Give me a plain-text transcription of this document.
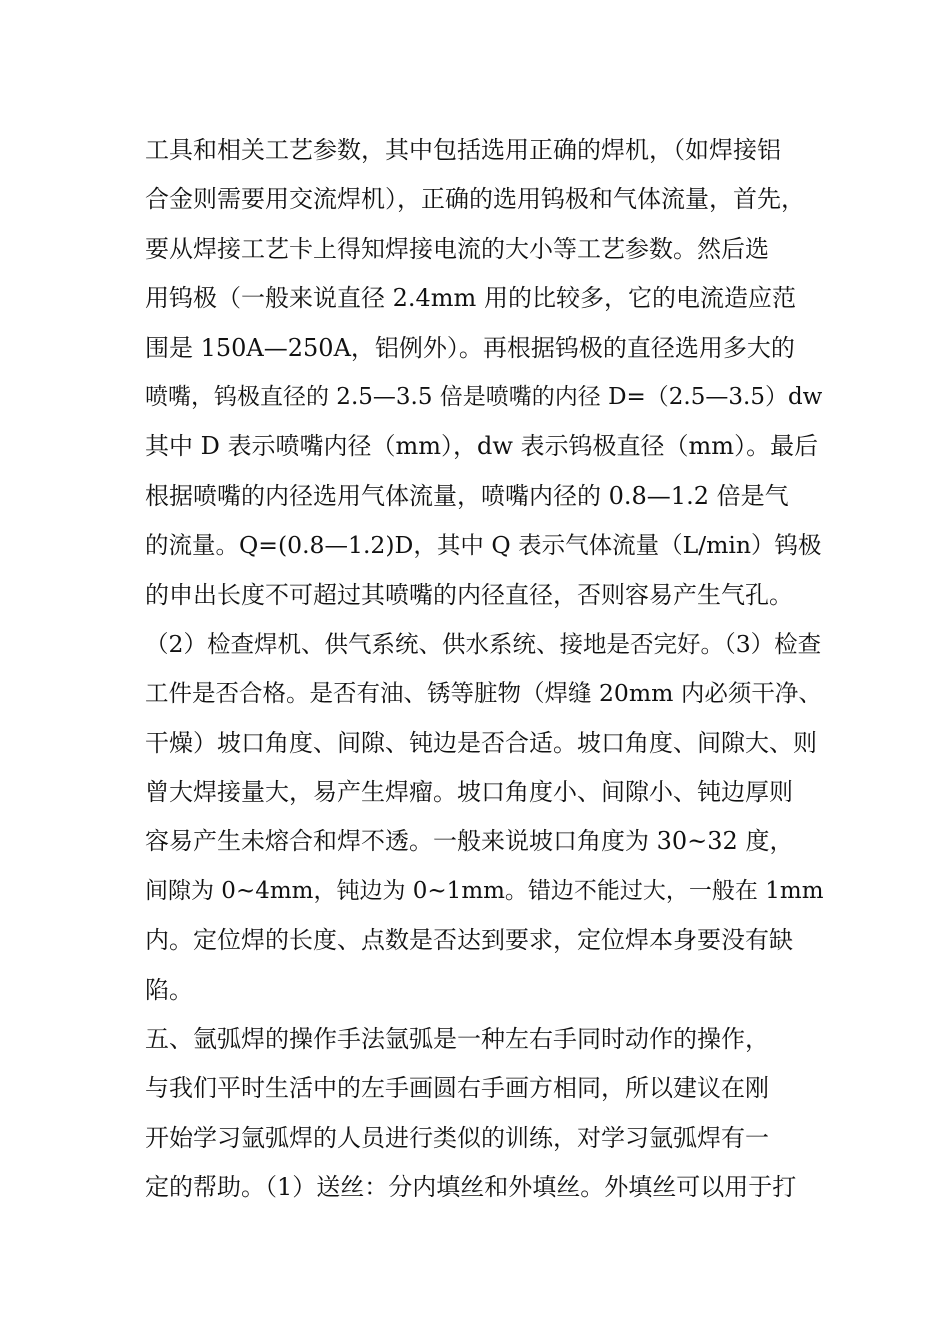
工具和相关工艺参数，其中包括选用正确的焊机，（如焊接铝
合金则需要用交流焊机），正确的选用钨极和气体流量，首先，
要从焊接工艺卡上得知焊接电流的大小等工艺参数。然后选
用钨极（一般来说直径 2.4mm 用的比较多，它的电流造应范
围是 150A—250A，铝例外）。再根据钨极的直径选用多大的
喷嘴，钨极直径的 2.5—3.5 倍是喷嘴的内径 D=（2.5—3.5）dw
其中 D 表示喷嘴内径（mm），dw 表示钨极直径（mm）。最后
根据喷嘴的内径选用气体流量，喷嘴内径的 0.8—1.2 倍是气
的流量。Q=(0.8—1.2)D，其中 Q 表示气体流量（L/min）钨极
的申出长度不可超过其喷嘴的内径直径，否则容易产生气孔。
（2）检查焊机、供气系统、供水系统、接地是否完好。（3）检查
工件是否合格。是否有油、锈等脏物（焊缝 20mm 内必须干净、
干燥）坡口角度、间隙、钝边是否合适。坡口角度、间隙大、则
曾大焊接量大，易产生焊瘤。坡口角度小、间隙小、钝边厚则
容易产生未熔合和焊不透。一般来说坡口角度为 30~32 度，
间隙为 0~4mm，钝边为 0~1mm。错边不能过大，一般在 1mm
内。定位焊的长度、点数是否达到要求，定位焊本身要没有缺
陷。
五、氩弧焊的操作手法氩弧是一种左右手同时动作的操作，
与我们平时生活中的左手画圆右手画方相同，所以建议在刚
开始学习氩弧焊的人员进行类似的训练，对学习氩弧焊有一
定的帮助。（1）送丝：分内填丝和外填丝。外填丝可以用于打
